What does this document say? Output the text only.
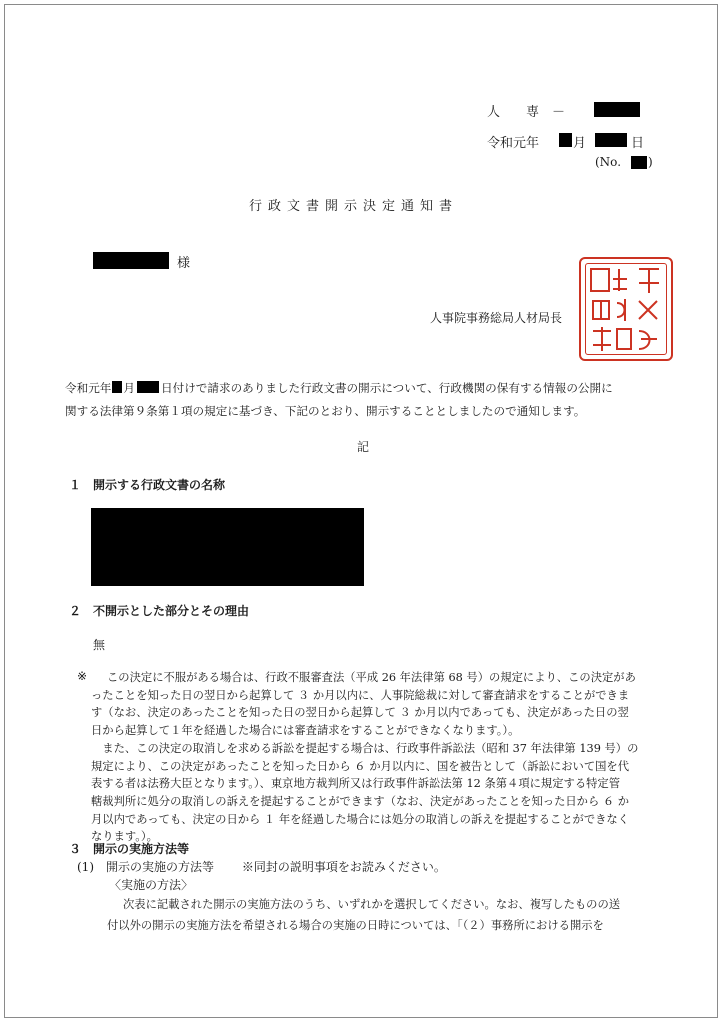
人　　専　－
令和元年	月	日
(No. )
行政文書開示決定通知書
様
人事院事務総局人材局長
令和元年 月 日付けで請求のありました行政文書の開示について、行政機関の保有する情報の公開に
関する法律第９条第１項の規定に基づき、下記のとおり、開示することとしましたので通知します。
記
１　開示する行政文書の名称
２　不開示とした部分とその理由
無
※ この決定に不服がある場合は、行政不服審査法（平成 26 年法律第 68 号）の規定により、この決定があ
ったことを知った日の翌日から起算して ３ か月以内に、人事院総裁に対して審査請求をすることができま
す（なお、決定のあったことを知った日の翌日から起算して ３ か月以内であっても、決定があった日の翌
日から起算して１年を経過した場合には審査請求をすることができなくなります。）。
　また、この決定の取消しを求める訴訟を提起する場合は、行政事件訴訟法（昭和 37 年法律第 139 号）の
規定により、この決定があったことを知った日から ６ か月以内に、国を被告として（訴訟において国を代
表する者は法務大臣となります。）、東京地方裁判所又は行政事件訴訟法第 12 条第４項に規定する特定管
轄裁判所に処分の取消しの訴えを提起することができます（なお、決定があったことを知った日から ６ か
月以内であっても、決定の日から １ 年を経過した場合には処分の取消しの訴えを提起することができなく
なります。）。
３　開示の実施方法等
(1)　開示の実施の方法等　　 ※同封の説明事項をお読みください。
〈実施の方法〉
次表に記載された開示の実施方法のうち、いずれかを選択してください。なお、複写したものの送
付以外の開示の実施方法を希望される場合の実施の日時については、「（２）事務所における開示を
